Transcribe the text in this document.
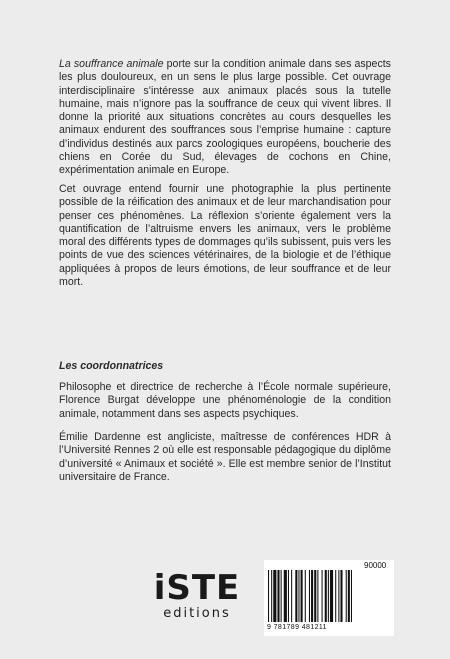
La souffrance animale porte sur la condition animale dans ses aspects les plus douloureux, en un sens le plus large possible. Cet ouvrage interdisciplinaire s’intéresse aux animaux placés sous la tutelle humaine, mais n’ignore pas la souffrance de ceux qui vivent libres. Il donne la priorité aux situations concrètes au cours desquelles les animaux endurent des souffrances sous l’emprise humaine : capture d’individus destinés aux parcs zoologiques européens, boucherie des chiens en Corée du Sud, élevages de cochons en Chine, expérimentation animale en Europe.

Cet ouvrage entend fournir une photographie la plus pertinente possible de la réification des animaux et de leur marchandisation pour penser ces phénomènes. La réflexion s’oriente également vers la quantification de l’altruisme envers les animaux, vers le problème moral des différents types de dommages qu’ils subissent, puis vers les points de vue des sciences vétérinaires, de la biologie et de l’éthique appliquées à propos de leurs émotions, de leur souffrance et de leur mort.

Les coordonnatrices

Philosophe et directrice de recherche à l’École normale supérieure, Florence Burgat développe une phénoménologie de la condition animale, notamment dans ses aspects psychiques.

Émilie Dardenne est angliciste, maîtresse de conférences HDR à l’Université Rennes 2 où elle est responsable pédagogique du diplôme d’université « Animaux et société ». Elle est membre senior de l’Institut universitaire de France.

iSTE
editions
90000
9 781789 481211
